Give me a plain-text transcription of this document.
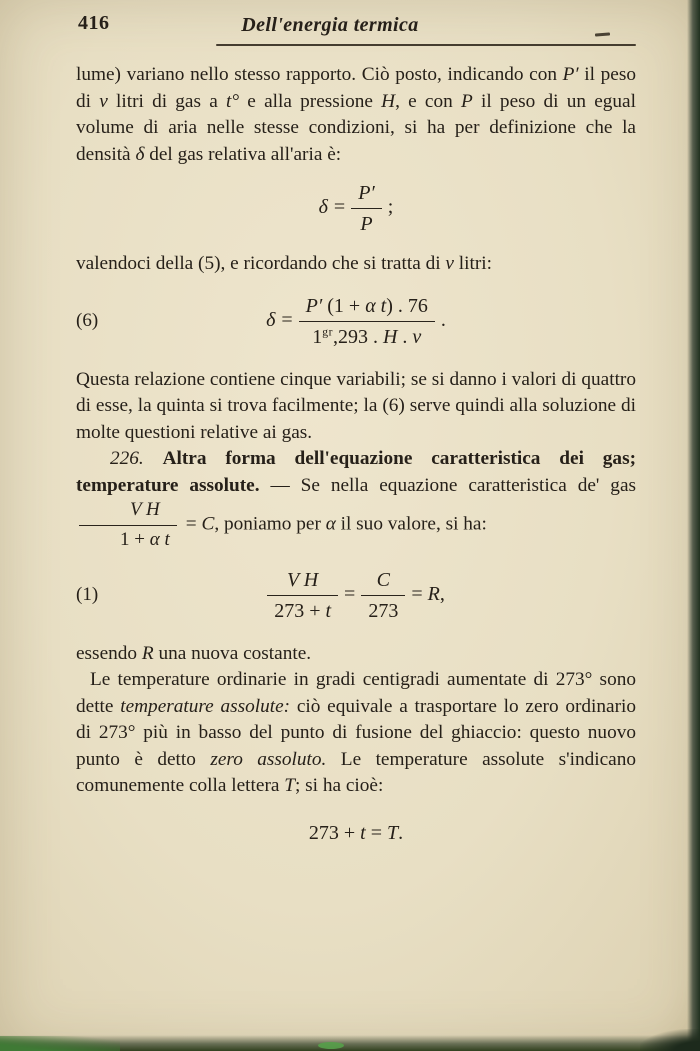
416	Dell'energia termica

lume) variano nello stesso rapporto. Ciò posto, indicando con P′ il peso di v litri di gas a t° e alla pressione H, e con P il peso di un egual volume di aria nelle stesse condizioni, si ha per definizione che la densità δ del gas relativa all'aria è:

$\delta = \frac{P'}{P}$ ;

valendoci della (5), e ricordando che si tratta di v litri:

(6)	$\delta = \frac{\text{P′ (1 + α t) . 76}}{1^{gr},293 . H . v}$ .

Questa relazione contiene cinque variabili; se si danno i valori di quattro di esse, la quinta si trova facilmente; la (6) serve quindi alla soluzione di molte questioni relative ai gas.

226. Altra forma dell'equazione caratteristica dei gas; temperature assolute. — Se nella equazione caratteristica de' gas
$\frac{\text{V H}}{\text{1 + α t}} = C$, poniamo per α il suo valore, si ha:

(1)	$\frac{\text{V H}}{273 + t} = \frac{C}{273} = R$,

essendo R una nuova costante.

Le temperature ordinarie in gradi centigradi aumentate di 273° sono dette temperature assolute: ciò equivale a trasportare lo zero ordinario di 273° più in basso del punto di fusione del ghiaccio: questo nuovo punto è detto zero assoluto. Le temperature assolute s'indicano comunemente colla lettera T; si ha cioè:

273 + t = T.
